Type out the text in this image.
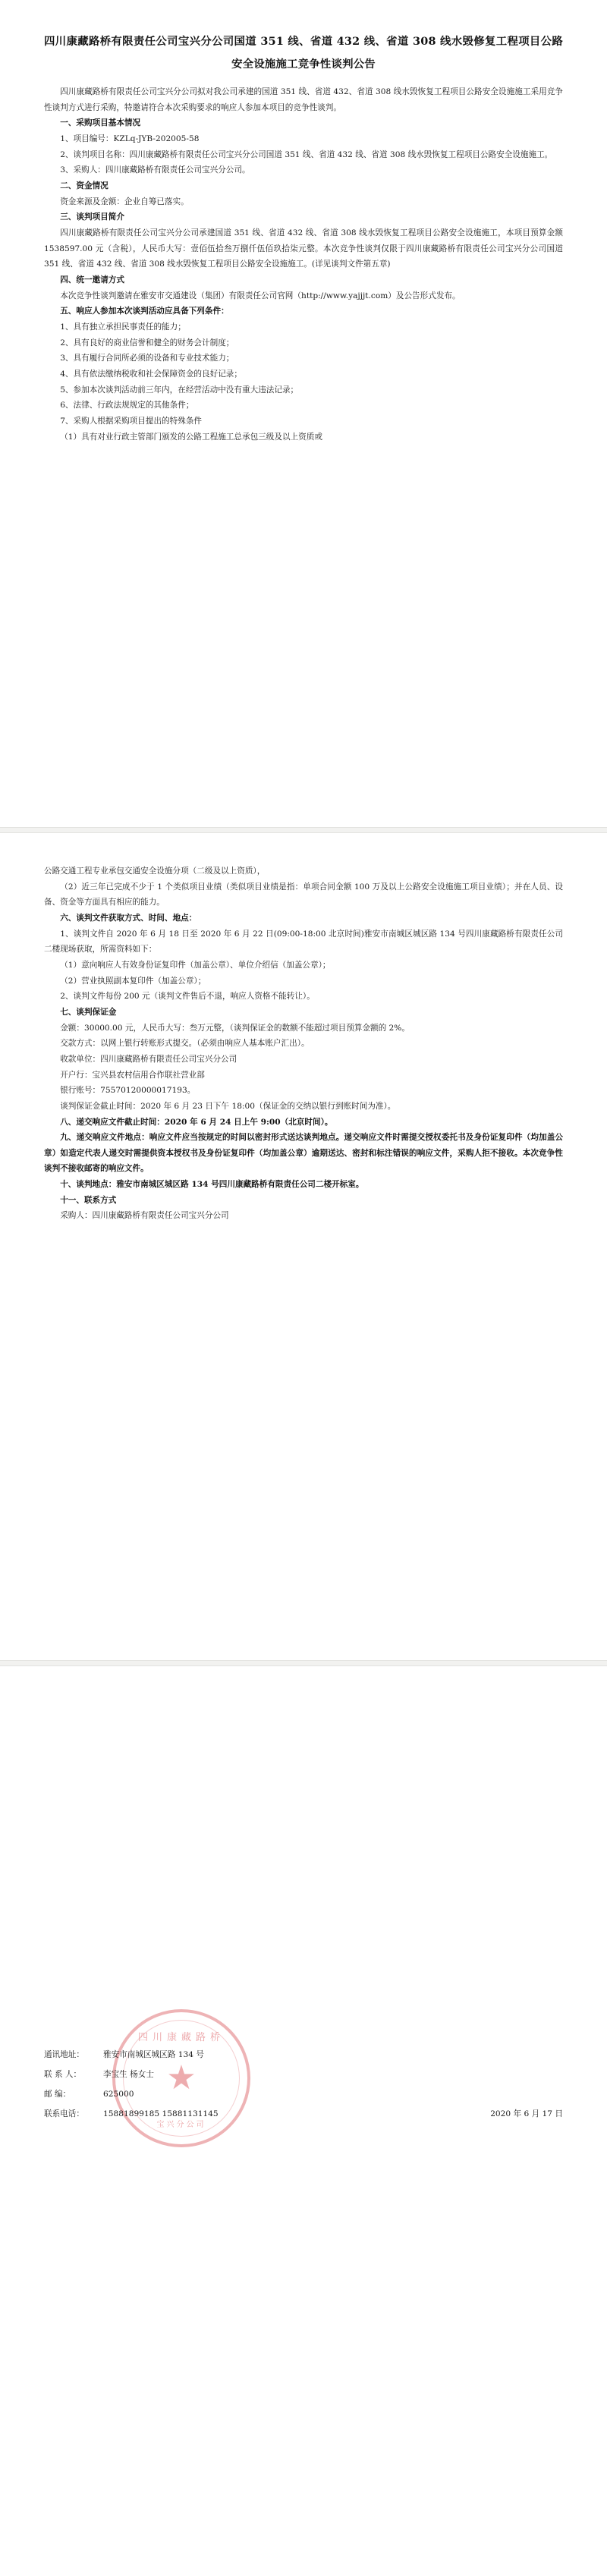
四川康藏路桥有限责任公司宝兴分公司国道 351 线、省道 432 线、省道 308 线水毁修复工程项目公路安全设施施工竞争性谈判公告

四川康藏路桥有限责任公司宝兴分公司拟对我公司承建的国道 351 线、省道 432、省道 308 线水毁恢复工程项目公路安全设施施工采用竞争性谈判方式进行采购，特邀请符合本次采购要求的响应人参加本项目的竞争性谈判。

一、采购项目基本情况

1、项目编号：KZLq-JYB-202005-58

2、谈判项目名称：四川康藏路桥有限责任公司宝兴分公司国道 351 线、省道 432 线、省道 308 线水毁恢复工程项目公路安全设施施工。

3、采购人：四川康藏路桥有限责任公司宝兴分公司。

二、资金情况

资金来源及金额：企业自筹已落实。

三、谈判项目简介

四川康藏路桥有限责任公司宝兴分公司承建国道 351 线、省道 432 线、省道 308 线水毁恢复工程项目公路安全设施施工，本项目预算金额 1538597.00 元（含税），人民币大写：壹佰伍拾叁万捌仟伍佰玖拾柒元整。本次竞争性谈判仅限于四川康藏路桥有限责任公司宝兴分公司国道 351 线、省道 432 线、省道 308 线水毁恢复工程项目公路安全设施施工。(详见谈判文件第五章)

四、统一邀请方式

本次竞争性谈判邀请在雅安市交通建设（集团）有限责任公司官网（http://www.yajjjt.com）及公告形式发布。

五、响应人参加本次谈判活动应具备下列条件：

1、具有独立承担民事责任的能力；

2、具有良好的商业信誉和健全的财务会计制度；

3、具有履行合同所必须的设备和专业技术能力；

4、具有依法缴纳税收和社会保障资金的良好记录；

5、参加本次谈判活动前三年内，在经营活动中没有重大违法记录；

6、法律、行政法规规定的其他条件；

7、采购人根据采购项目提出的特殊条件

（1）具有对业行政主管部门颁发的公路工程施工总承包三级及以上资质或

公路交通工程专业承包交通安全设施分项（二级及以上资质），

（2）近三年已完成不少于 1 个类似项目业绩（类似项目业绩是指：单项合同金额 100 万及以上公路安全设施施工项目业绩）；并在人员、设备、资金等方面具有相应的能力。

六、谈判文件获取方式、时间、地点：

1、谈判文件自 2020 年 6 月 18 日至 2020 年 6 月 22 日(09:00-18:00 北京时间)雅安市南城区城区路 134 号四川康藏路桥有限责任公司二楼现场获取，所需资料如下：

（1）意向响应人有效身份证复印件（加盖公章）、单位介绍信（加盖公章）；

（2）营业执照副本复印件（加盖公章）；

2、谈判文件每份 200 元（谈判文件售后不退，响应人资格不能转让）。

七、谈判保证金

金额：30000.00 元，人民币大写：叁万元整，（谈判保证金的数额不能超过项目预算金额的 2%。

交款方式：以网上银行转账形式提交。（必须由响应人基本账户汇出）。

收款单位：四川康藏路桥有限责任公司宝兴分公司

开户行：宝兴县农村信用合作联社营业部

银行账号：75570120000017193。

谈判保证金截止时间：2020 年 6 月 23 日下午 18:00（保证金的交纳以银行到账时间为准）。

八、递交响应文件截止时间：2020 年 6 月 24 日上午 9:00（北京时间）。

九、递交响应文件地点：响应文件应当按规定的时间以密封形式送达谈判地点。递交响应文件时需提交授权委托书及身份证复印件（均加盖公章）如造定代表人递交时需提供资本授权书及身份证复印件（均加盖公章）逾期送达、密封和标注错误的响应文件，采购人拒不接收。本次竞争性谈判不接收邮寄的响应文件。

十、谈判地点：雅安市南城区城区路 134 号四川康藏路桥有限责任公司二楼开标室。

十一、联系方式

采购人：四川康藏路桥有限责任公司宝兴分公司

四川康藏路桥
★
宝兴分公司
通讯地址： 雅安市南城区城区路 134 号
联 系 人：	李宝生 杨女士
邮 编：	625000
联系电话： 15881899185 15881131145	2020 年 6 月 17 日
